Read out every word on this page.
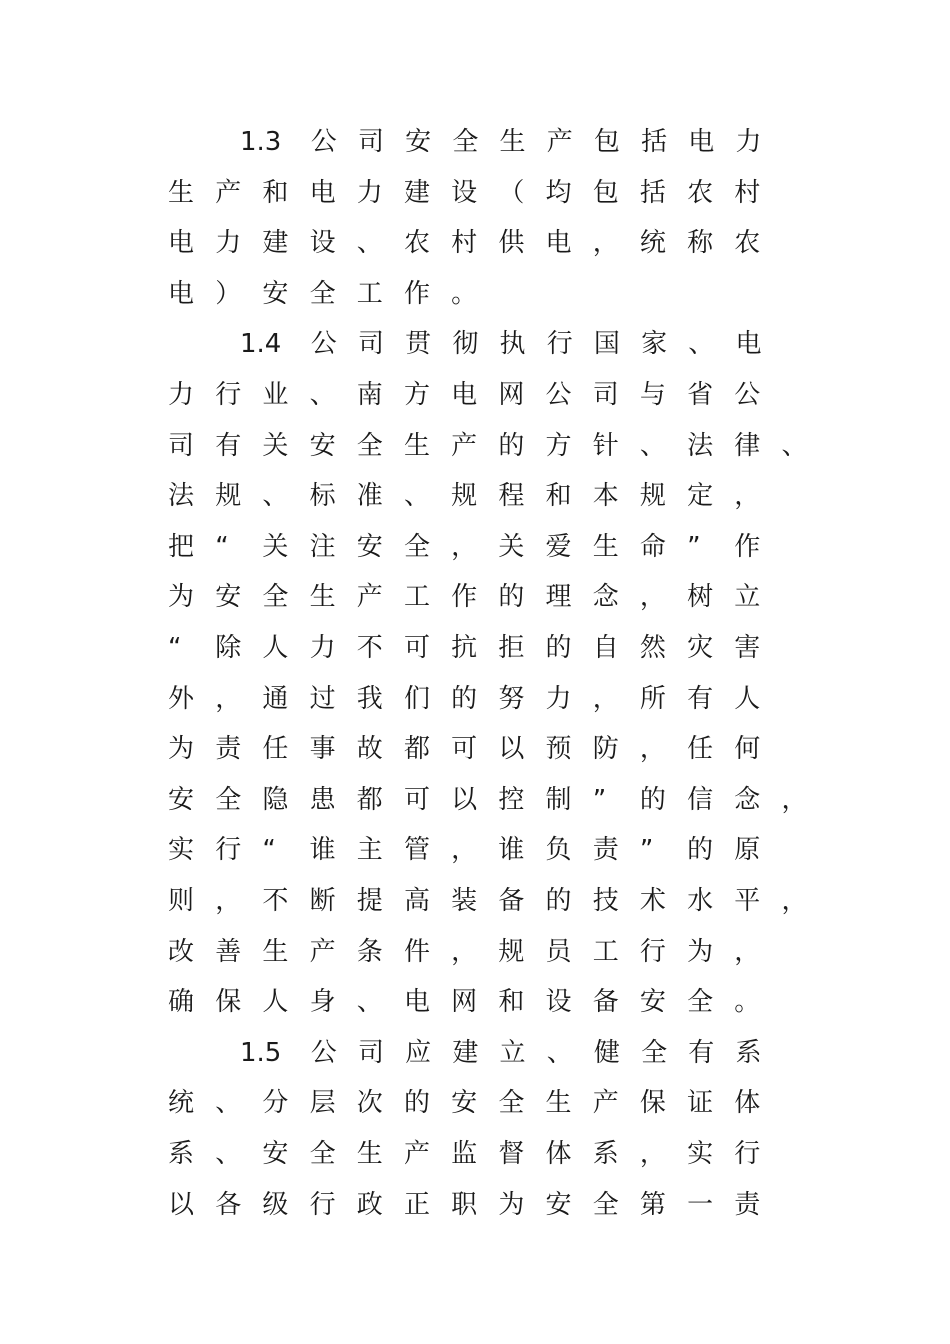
1.3	公 司 安 全 生 产 包 括 电 力
生 产 和 电 力 建 设 （ 均 包 括 农 村
电 力 建 设 、 农 村 供 电 ， 统 称 农
电 ） 安 全 工 作 。
1.4	公 司 贯 彻 执 行 国 家 、 电
力 行 业 、 南 方 电 网 公 司 与 省 公
司 有 关 安 全 生 产 的 方 针 、 法 律 、
法 规 、 标 准 、 规 程 和 本 规 定 ，
把 “	关 注 安 全 ， 关 爱 生 命 ”	作
为 安 全 生 产 工 作 的 理 念 ， 树 立
“	除 人 力 不 可 抗 拒 的 自 然 灾 害
外 ， 通 过 我 们 的 努 力 ， 所 有 人
为 责 任 事 故 都 可 以 预 防 ， 任 何
安 全 隐 患 都 可 以 控 制 ”	的 信 念 ，
实 行 “	谁 主 管 ， 谁 负 责 ”	的 原
则 ， 不 断 提 高 装 备 的 技 术 水 平 ，
改 善 生 产 条 件 ， 规 员 工 行 为 ，
确 保 人 身 、 电 网 和 设 备 安 全 。
1.5	公 司 应 建 立 、 健 全 有 系
统 、 分 层 次 的 安 全 生 产 保 证 体
系 、 安 全 生 产 监 督 体 系 ， 实 行
以 各 级 行 政 正 职 为 安 全 第 一 责
